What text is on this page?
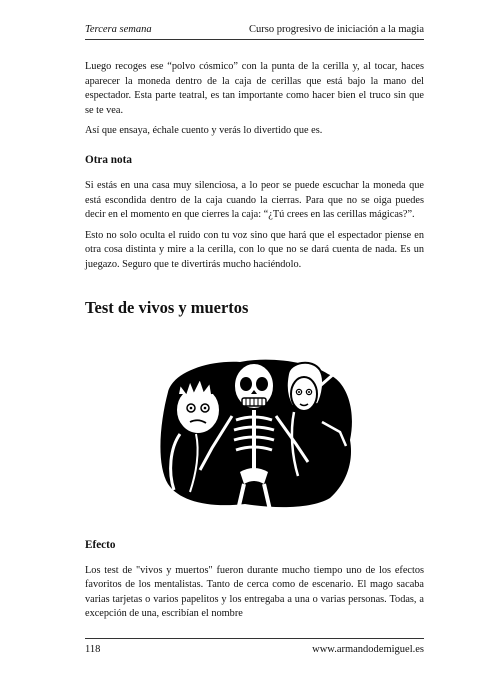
Tercera semana	Curso progresivo de iniciación a la magia

Luego recoges ese “polvo cósmico” con la punta de la cerilla y, al tocar, haces aparecer la moneda dentro de la caja de cerillas que está bajo la mano del espectador. Esta parte teatral, es tan importante como hacer bien el truco sin que se te vea.

Así que ensaya, échale cuento y verás lo divertido que es.

Otra nota

Si estás en una casa muy silenciosa, a lo peor se puede escuchar la moneda que está escondida dentro de la caja cuando la cierras. Para que no se oiga puedes decir en el momento en que cierres la caja: “¿Tú crees en las cerillas mágicas?”.

Esto no solo oculta el ruido con tu voz sino que hará que el espectador piense en otra cosa distinta y mire a la cerilla, con lo que no se dará cuenta de nada. Es un juegazo. Seguro que te divertirás mucho haciéndolo.

Test de vivos y muertos
Efecto

Los test de "vivos y muertos" fueron durante mucho tiempo uno de los efectos favoritos de los mentalistas. Tanto de cerca como de escenario. El mago sacaba varias tarjetas o varios papelitos y los entregaba a una o varias personas. Todas, a excepción de una, escribían el nombre

118	www.armandodemiguel.es
